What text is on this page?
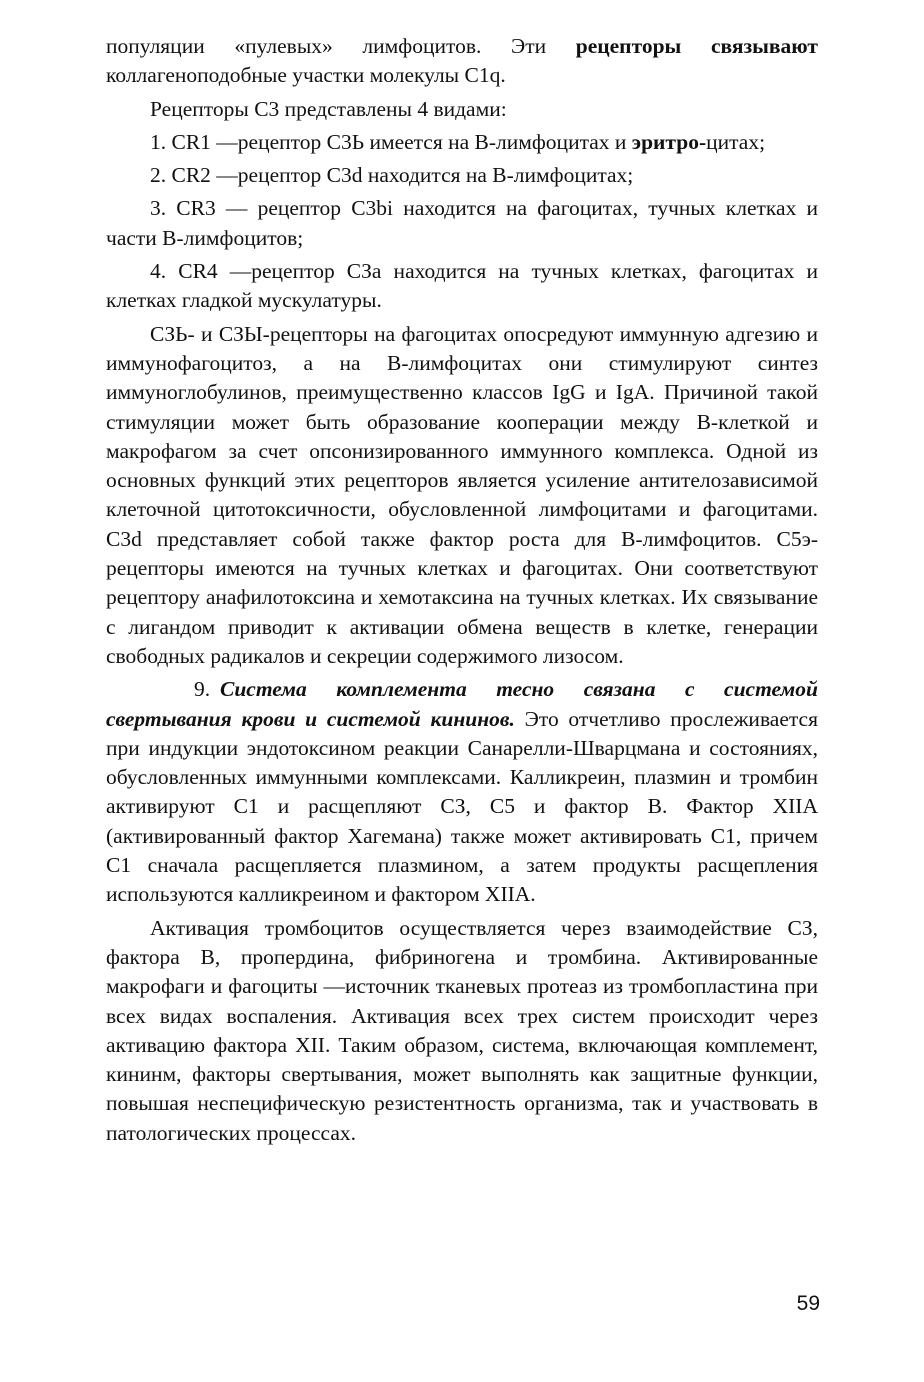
популяции «пулевых» лимфоцитов. Эти рецепторы связывают коллагеноподобные участки молекулы C1q.

Рецепторы С3 представлены 4 видами:

1. CR1 —рецептор С3Ь имеется на В-лимфоцитах и эритро-цитах;

2. CR2 —рецептор C3d находится на В-лимфоцитах;

3. CR3 — рецептор C3bi находится на фагоцитах, тучных клетках и части В-лимфоцитов;

4. CR4 —рецептор СЗа находится на тучных клетках, фагоцитах и клетках гладкой мускулатуры.

СЗЬ- и СЗЫ-рецепторы на фагоцитах опосредуют иммунную адгезию и иммунофагоцитоз, а на В-лимфоцитах они стимулируют синтез иммуноглобулинов, преимущественно классов IgG и IgA. Причиной такой стимуляции может быть образование кооперации между В-клеткой и макрофагом за счет опсонизированного иммунного комплекса. Одной из основных функций этих рецепторов является усиление антителозависимой клеточной цитотоксичности, обусловленной лимфоцитами и фагоцитами. C3d представляет собой также фактор роста для В-лимфоцитов. С5э-рецепторы имеются на тучных клетках и фагоцитах. Они соответствуют рецептору анафилотоксина и хемотаксина на тучных клетках. Их связывание с лигандом приводит к активации обмена веществ в клетке, генерации свободных радикалов и секреции содержимого лизосом.

9. Система комплемента тесно связана с системой свертывания крови и системой кининов. Это отчетливо прослеживается при индукции эндотоксином реакции Санарелли-Шварцмана и состояниях, обусловленных иммунными комплексами. Калликреин, плазмин и тромбин активируют С1 и расщепляют СЗ, С5 и фактор В. Фактор ХIIА (активированный фактор Хагемана) также может активировать С1, причем С1 сначала расщепляется плазмином, а затем продукты расщепления используются калликреином и фактором ХIIА.

Активация тромбоцитов осуществляется через взаимодействие СЗ, фактора В, пропердина, фибриногена и тромбина. Активированные макрофаги и фагоциты —источник тканевых протеаз из тромбопластина при всех видах воспаления. Активация всех трех систем происходит через активацию фактора XII. Таким образом, система, включающая комплемент, кининм, факторы свертывания, может выполнять как защитные функции, повышая неспецифическую резистентность организма, так и участвовать в патологических процессах.

59
